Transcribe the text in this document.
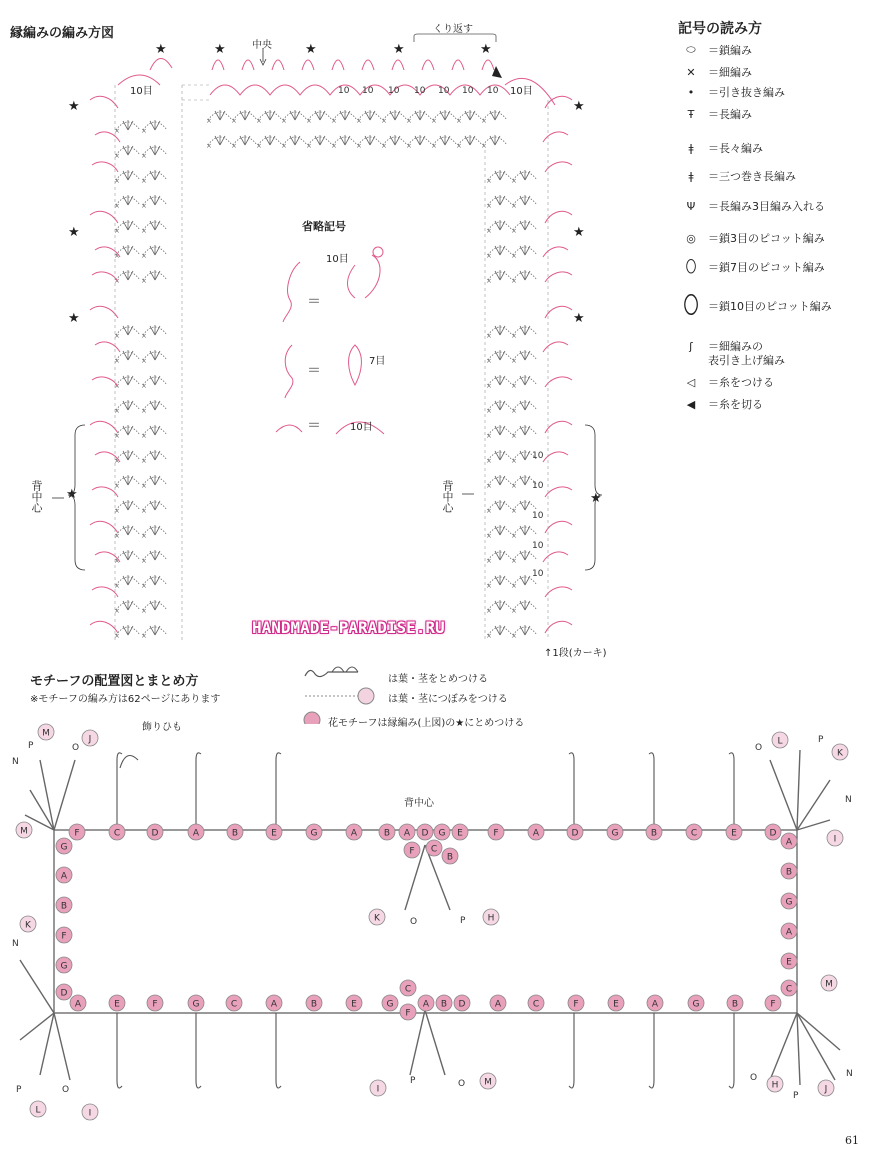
縁編みの編み方図
★	★	★	★	★
★
★
★
★
★
★
★
★
＝
＝
＝
10 10 10 10 10 10 10
10
10
10
10
10
中央
くり返す
10目	10目
10目
7目
10目
省略記号
背中心	背中心
↑1段(カーキ)
HANDMADE-PARADISE.RU
記号の読み方
⬭	＝鎖編み
✕	＝細編み
•	＝引き抜き編み
Ŧ	＝長編み
ǂ	＝長々編み
ǂ	＝三つ巻き長編み
Ψ	＝長編み3目編み入れる
◎	＝鎖3目のピコット編み
⬯	＝鎖7目のピコット編み
⬯ ＝鎖10目のピコット編み
ʃ	＝細編みの
表引き上げ編み
◁	＝糸をつける
◀	＝糸を切る
モチーフの配置図とまとめ方
※モチーフの編み方は62ページにあります
は葉・茎をとめつける
は葉・茎につぼみをつける
花モチーフは縁編み(上図)の★にとめつける
飾りひも
背中心
F	C	D	A	B	E	G	A	B A D G E	F	A	D	G	B	C	E	D
F C
B
G
A
B
F
G
D
A
B
G
A
E
C
A	E	F	G	C	A	B	E	G	A B D	A	C	F	E	A	G	B	F
C
F
M
J
N
P	O
M
L
K
O
P
N
I
K
N
P	O
L	I
M
N
O
H
P
J
K	O	P H
I
P	O M
61
